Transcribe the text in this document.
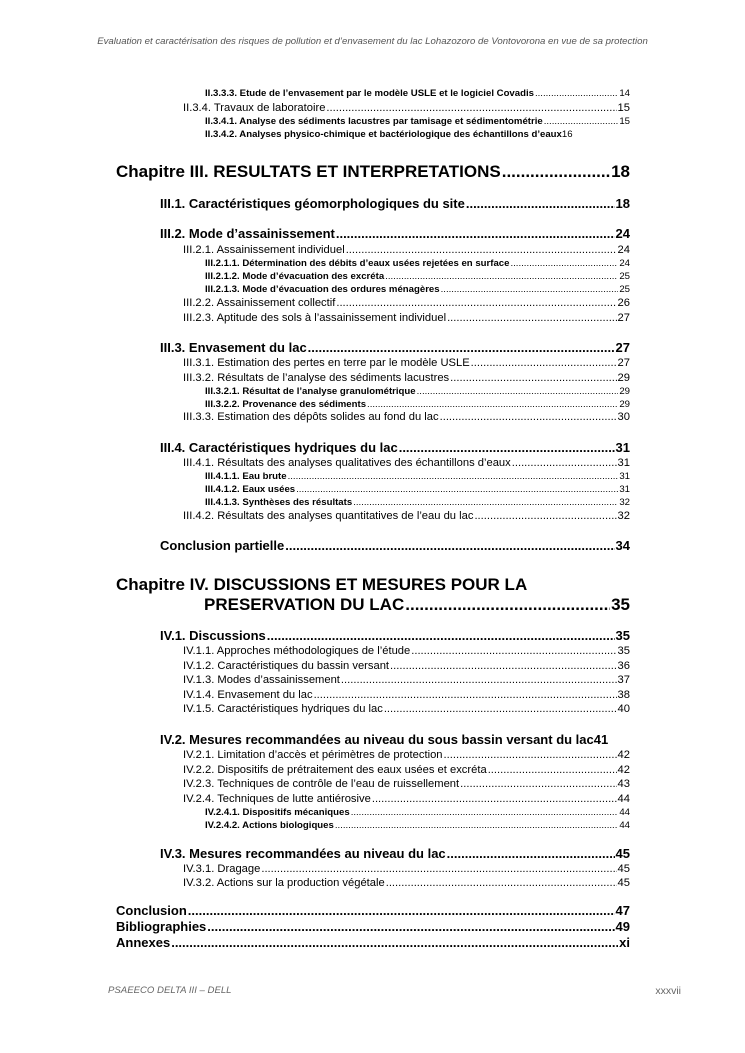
Evaluation et caractérisation des risques de pollution et d’envasement du lac Lohazozoro de Vontovorona en vue de sa protection
II.3.3.3. Etude de l’envasement par le modèle USLE et le logiciel Covadis .....	14
II.3.4. Travaux de laboratoire .....	15
II.3.4.1. Analyse des sédiments lacustres par tamisage et sédimentométrie .....	15
II.3.4.2. Analyses physico-chimique et bactériologique des échantillons d’eaux 16
Chapitre III. RESULTATS ET INTERPRETATIONS .....	18
III.1. Caractéristiques géomorphologiques du site .....	18
III.2. Mode d’assainissement .....	24
III.2.1. Assainissement individuel .....	24
III.2.1.1. Détermination des débits d’eaux usées rejetées en surface .....	24
III.2.1.2. Mode d’évacuation des excréta .....	25
III.2.1.3. Mode d’évacuation des ordures ménagères .....	25
III.2.2. Assainissement collectif .....	26
III.2.3. Aptitude des sols à l’assainissement individuel .....	27
III.3. Envasement du lac .....	27
III.3.1. Estimation des pertes en terre par le modèle USLE .....	27
III.3.2. Résultats de l’analyse des sédiments lacustres .....	29
III.3.2.1. Résultat de l’analyse granulométrique .....	29
III.3.2.2. Provenance des sédiments .....	29
III.3.3. Estimation des dépôts solides au fond du lac .....	30
III.4. Caractéristiques hydriques du lac .....	31
III.4.1. Résultats des analyses qualitatives des échantillons d’eaux .....	31
III.4.1.1. Eau brute .....	31
III.4.1.2. Eaux usées .....	31
III.4.1.3. Synthèses des résultats .....	32
III.4.2. Résultats des analyses quantitatives de l’eau du lac .....	32
Conclusion partielle .....	34
Chapitre IV. DISCUSSIONS ET MESURES POUR LA
PRESERVATION DU LAC .....	35
IV.1. Discussions .....	35
IV.1.1. Approches méthodologiques de l’étude .....	35
IV.1.2. Caractéristiques du bassin versant .....	36
IV.1.3. Modes d’assainissement .....	37
IV.1.4. Envasement du lac .....	38
IV.1.5. Caractéristiques hydriques du lac .....	40
IV.2. Mesures recommandées au niveau du sous bassin versant du lac 41
IV.2.1. Limitation d’accès et périmètres de protection .....	42
IV.2.2. Dispositifs de prétraitement des eaux usées et excréta .....	42
IV.2.3. Techniques de contrôle de l’eau de ruissellement .....	43
IV.2.4. Techniques de lutte antiérosive .....	44
IV.2.4.1. Dispositifs mécaniques .....	44
IV.2.4.2. Actions biologiques .....	44
IV.3. Mesures recommandées au niveau du lac .....	45
IV.3.1. Dragage .....	45
IV.3.2. Actions sur la production végétale .....	45
Conclusion .....	47
Bibliographies .....	49
Annexes .....	xi
PSAEECO DELTA III – DELL	xxxvii
